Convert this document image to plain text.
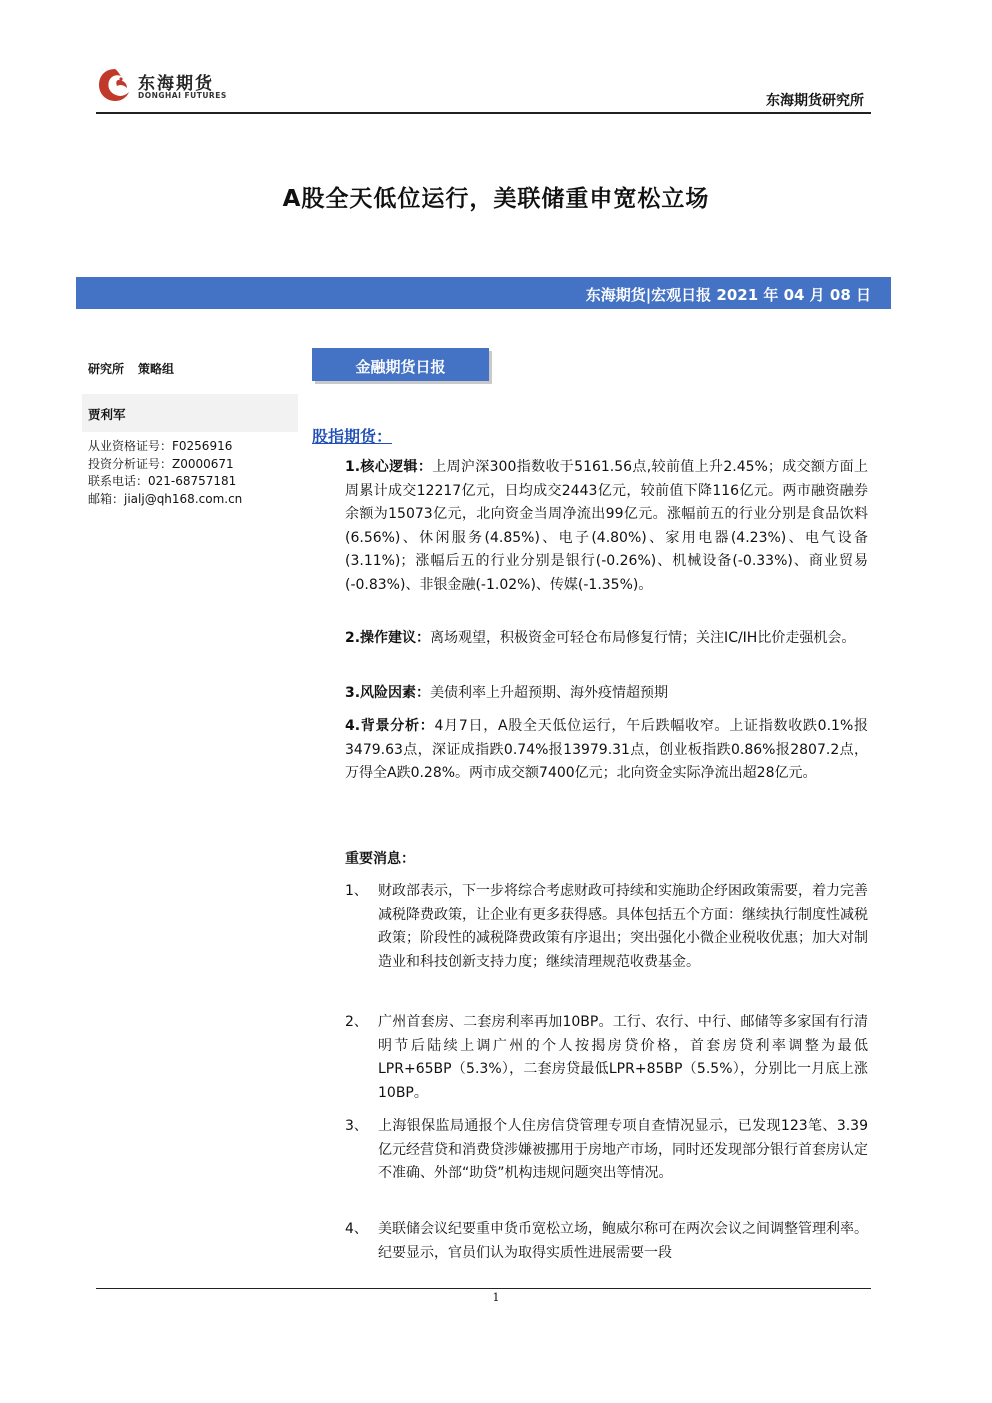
东海期货
DONGHAI FUTURES	东海期货研究所
A股全天低位运行，美联储重申宽松立场
东海期货|宏观日报 2021 年 04 月 08 日
研究所 策略组
贾利军
从业资格证号：F0256916
投资分析证号：Z0000671
联系电话：021-68757181
邮箱：jialj@qh168.com.cn
金融期货日报
股指期货：
1.核心逻辑：上周沪深300指数收于5161.56点,较前值上升2.45%；成交额方面上周累计成交12217亿元，日均成交2443亿元，较前值下降116亿元。两市融资融券余额为15073亿元，北向资金当周净流出99亿元。涨幅前五的行业分别是食品饮料(6.56%)、休闲服务(4.85%)、电子(4.80%)、家用电器(4.23%)、电气设备(3.11%)；涨幅后五的行业分别是银行(-0.26%)、机械设备(-0.33%)、商业贸易(-0.83%)、非银金融(-1.02%)、传媒(-1.35%)。
2.操作建议：离场观望，积极资金可轻仓布局修复行情；关注IC/IH比价走强机会。
3.风险因素：美债利率上升超预期、海外疫情超预期
4.背景分析：4月7日，A股全天低位运行，午后跌幅收窄。上证指数收跌0.1%报3479.63点，深证成指跌0.74%报13979.31点，创业板指跌0.86%报2807.2点，万得全A跌0.28%。两市成交额7400亿元；北向资金实际净流出超28亿元。
重要消息：
1、 财政部表示，下一步将综合考虑财政可持续和实施助企纾困政策需要，着力完善减税降费政策，让企业有更多获得感。具体包括五个方面：继续执行制度性减税政策；阶段性的减税降费政策有序退出；突出强化小微企业税收优惠；加大对制造业和科技创新支持力度；继续清理规范收费基金。
2、 广州首套房、二套房利率再加10BP。工行、农行、中行、邮储等多家国有行清明节后陆续上调广州的个人按揭房贷价格，首套房贷利率调整为最低LPR+65BP（5.3%），二套房贷最低LPR+85BP（5.5%），分别比一月底上涨10BP。
3、 上海银保监局通报个人住房信贷管理专项自查情况显示，已发现123笔、3.39亿元经营贷和消费贷涉嫌被挪用于房地产市场，同时还发现部分银行首套房认定不准确、外部“助贷”机构违规问题突出等情况。
4、 美联储会议纪要重申货币宽松立场，鲍威尔称可在两次会议之间调整管理利率。纪要显示，官员们认为取得实质性进展需要一段
1
